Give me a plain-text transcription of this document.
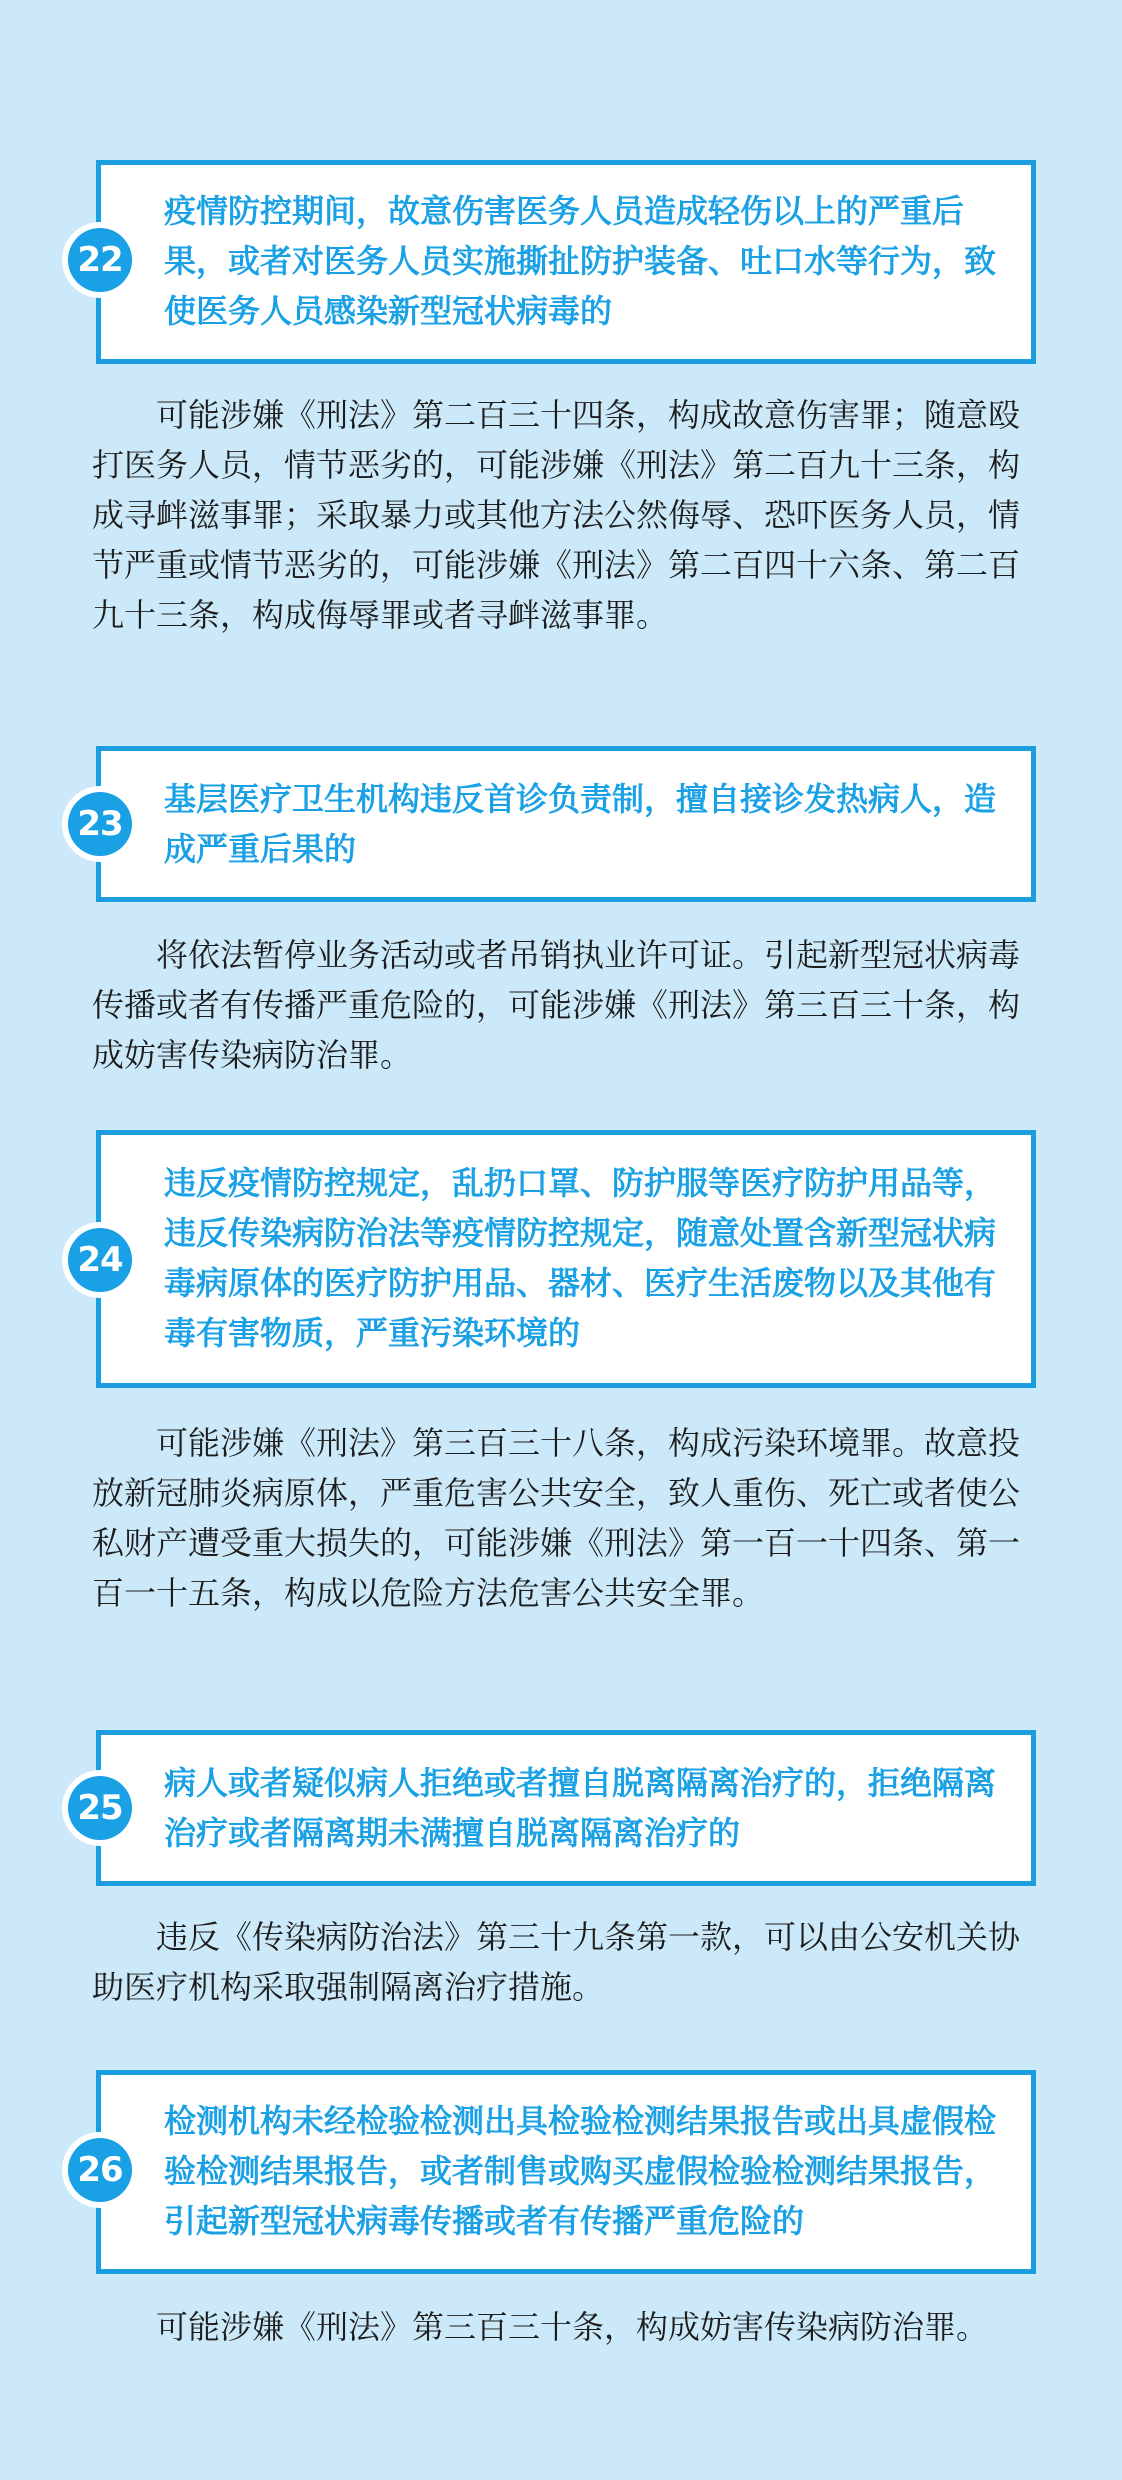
22

疫情防控期间，故意伤害医务人员造成轻伤以上的严重后果，或者对医务人员实施撕扯防护装备、吐口水等行为，致使医务人员感染新型冠状病毒的

可能涉嫌《刑法》第二百三十四条，构成故意伤害罪；随意殴打医务人员，情节恶劣的，可能涉嫌《刑法》第二百九十三条，构成寻衅滋事罪；采取暴力或其他方法公然侮辱、恐吓医务人员，情节严重或情节恶劣的，可能涉嫌《刑法》第二百四十六条、第二百九十三条，构成侮辱罪或者寻衅滋事罪。

23

基层医疗卫生机构违反首诊负责制，擅自接诊发热病人，造成严重后果的

将依法暂停业务活动或者吊销执业许可证。引起新型冠状病毒传播或者有传播严重危险的，可能涉嫌《刑法》第三百三十条，构成妨害传染病防治罪。

24

违反疫情防控规定，乱扔口罩、防护服等医疗防护用品等，违反传染病防治法等疫情防控规定，随意处置含新型冠状病毒病原体的医疗防护用品、器材、医疗生活废物以及其他有毒有害物质，严重污染环境的

可能涉嫌《刑法》第三百三十八条，构成污染环境罪。故意投放新冠肺炎病原体，严重危害公共安全，致人重伤、死亡或者使公私财产遭受重大损失的，可能涉嫌《刑法》第一百一十四条、第一百一十五条，构成以危险方法危害公共安全罪。

25

病人或者疑似病人拒绝或者擅自脱离隔离治疗的，拒绝隔离治疗或者隔离期未满擅自脱离隔离治疗的

违反《传染病防治法》第三十九条第一款，可以由公安机关协助医疗机构采取强制隔离治疗措施。

26

检测机构未经检验检测出具检验检测结果报告或出具虚假检验检测结果报告，或者制售或购买虚假检验检测结果报告，引起新型冠状病毒传播或者有传播严重危险的

可能涉嫌《刑法》第三百三十条，构成妨害传染病防治罪。
